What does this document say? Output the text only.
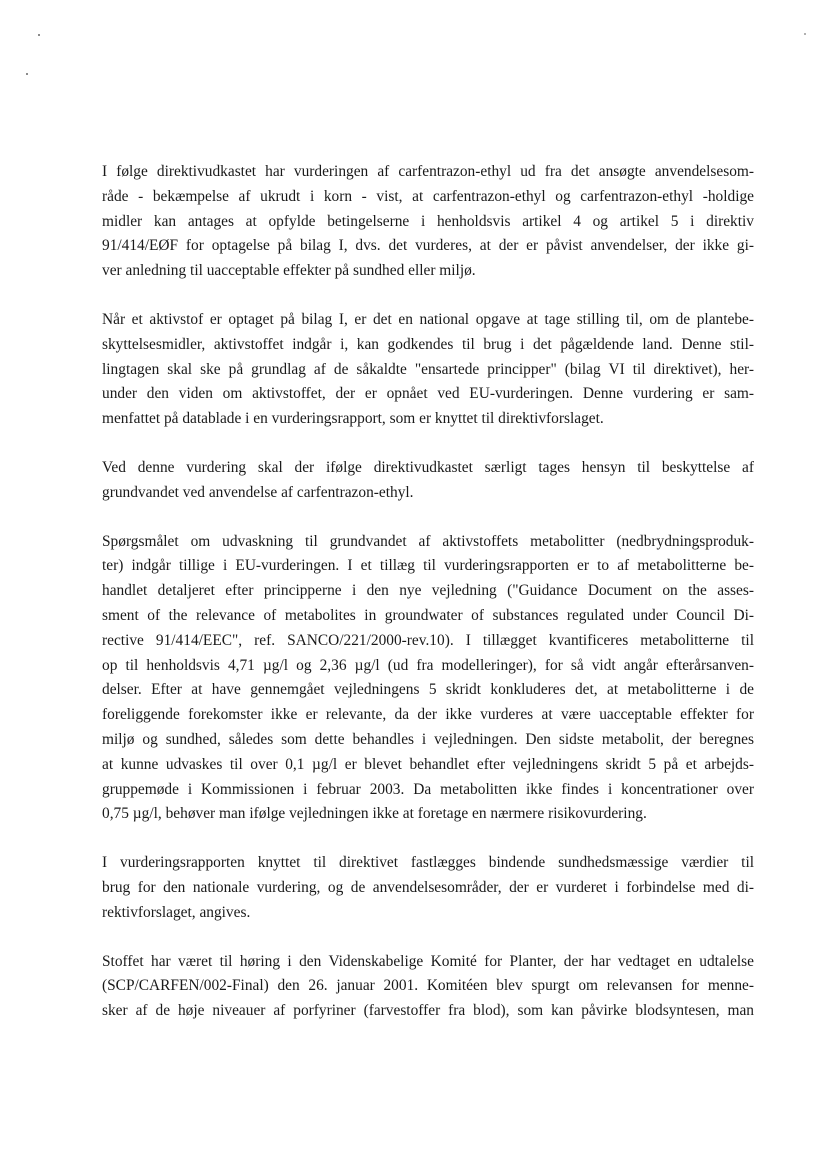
I følge direktivudkastet har vurderingen af carfentrazon-ethyl ud fra det ansøgte anvendelsesom-
råde - bekæmpelse af ukrudt i korn - vist, at carfentrazon-ethyl og carfentrazon-ethyl -holdige
midler kan antages at opfylde betingelserne i henholdsvis artikel 4 og artikel 5 i direktiv
91/414/EØF for optagelse på bilag I, dvs. det vurderes, at der er påvist anvendelser, der ikke gi-
ver anledning til uacceptable effekter på sundhed eller miljø.
Når et aktivstof er optaget på bilag I, er det en national opgave at tage stilling til, om de plantebe-
skyttelsesmidler, aktivstoffet indgår i, kan godkendes til brug i det pågældende land. Denne stil-
lingtagen skal ske på grundlag af de såkaldte "ensartede principper" (bilag VI til direktivet), her-
under den viden om aktivstoffet, der er opnået ved EU-vurderingen. Denne vurdering er sam-
menfattet på datablade i en vurderingsrapport, som er knyttet til direktivforslaget.
Ved denne vurdering skal der ifølge direktivudkastet særligt tages hensyn til beskyttelse af
grundvandet ved anvendelse af carfentrazon-ethyl.
Spørgsmålet om udvaskning til grundvandet af aktivstoffets metabolitter (nedbrydningsproduk-
ter) indgår tillige i EU-vurderingen. I et tillæg til vurderingsrapporten er to af metabolitterne be-
handlet detaljeret efter principperne i den nye vejledning ("Guidance Document on the asses-
sment of the relevance of metabolites in groundwater of substances regulated under Council Di-
rective 91/414/EEC", ref. SANCO/221/2000-rev.10). I tillægget kvantificeres metabolitterne til
op til henholdsvis 4,71 µg/l og 2,36 µg/l (ud fra modelleringer), for så vidt angår efterårsanven-
delser. Efter at have gennemgået vejledningens 5 skridt konkluderes det, at metabolitterne i de
foreliggende forekomster ikke er relevante, da der ikke vurderes at være uacceptable effekter for
miljø og sundhed, således som dette behandles i vejledningen. Den sidste metabolit, der beregnes
at kunne udvaskes til over 0,1 µg/l er blevet behandlet efter vejledningens skridt 5 på et arbejds-
gruppemøde i Kommissionen i februar 2003. Da metabolitten ikke findes i koncentrationer over
0,75 µg/l, behøver man ifølge vejledningen ikke at foretage en nærmere risikovurdering.
I vurderingsrapporten knyttet til direktivet fastlægges bindende sundhedsmæssige værdier til
brug for den nationale vurdering, og de anvendelsesområder, der er vurderet i forbindelse med di-
rektivforslaget, angives.
Stoffet har været til høring i den Videnskabelige Komité for Planter, der har vedtaget en udtalelse
(SCP/CARFEN/002-Final) den 26. januar 2001. Komitéen blev spurgt om relevansen for menne-
sker af de høje niveauer af porfyriner (farvestoffer fra blod), som kan påvirke blodsyntesen, man
